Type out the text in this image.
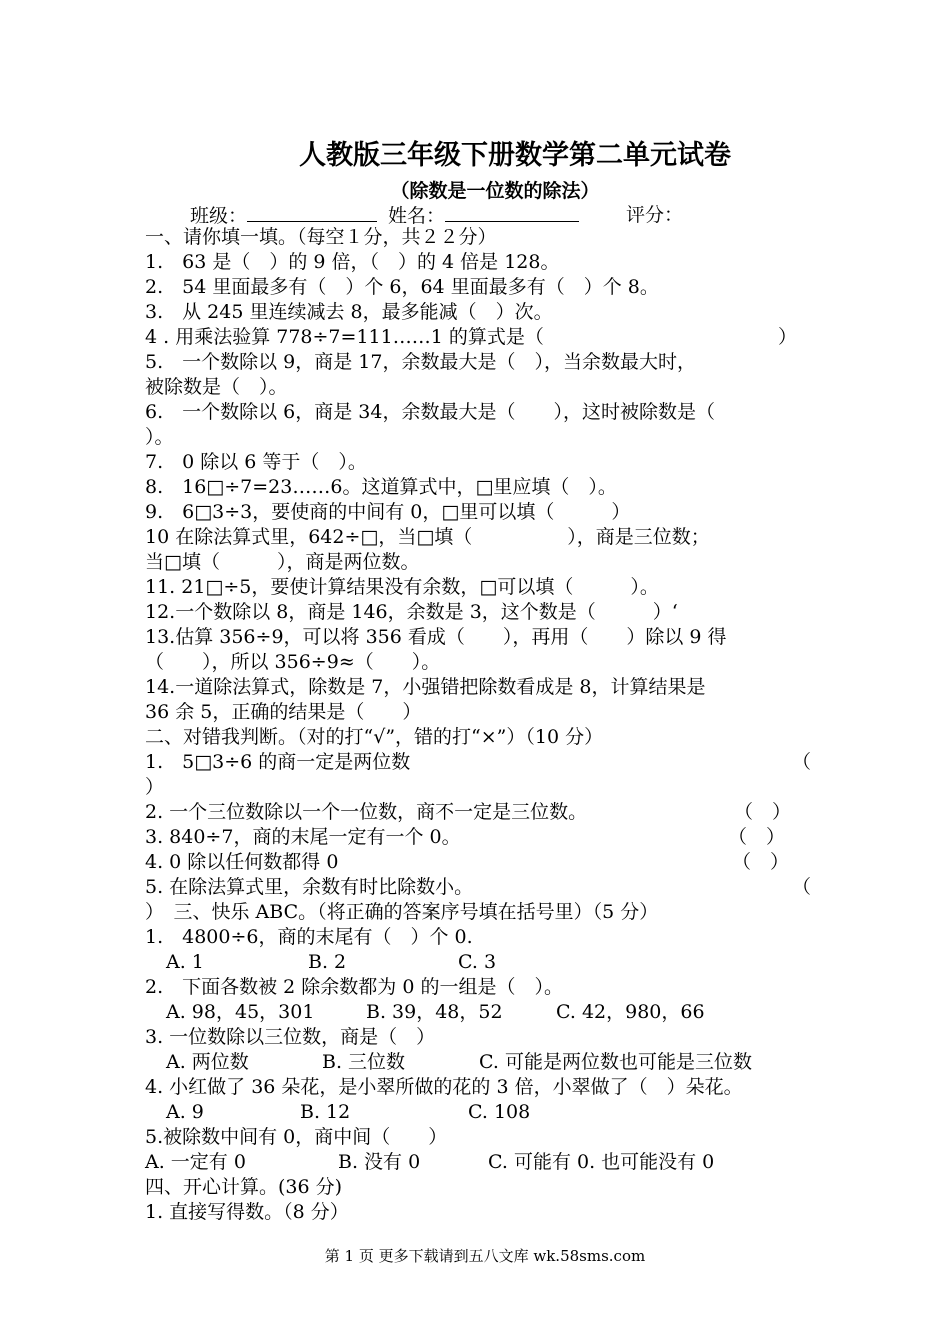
人教版三年级下册数学第二单元试卷
（除数是一位数的除法）
班级：	姓名：	评分：
一、请你填一填。（每空１分，共２２分）
1.　63 是（　）的 9 倍，（　）的 4 倍是 128。
2.　54 里面最多有（　）个 6，64 里面最多有（　）个 8。
3.　从 245 里连续减去 8，最多能减（　）次。
4 . 用乘法验算 778÷7=111……1 的算式是（	）
5.　一个数除以 9，商是 17，余数最大是（　），当余数最大时，
被除数是（　）。
6.　一个数除以 6，商是 34，余数最大是（　　），这时被除数是（
）。
7.　0 除以 6 等于（　）。
8.　16□÷7=23……6。这道算式中，□里应填（　）。
9.　6□3÷3，要使商的中间有 0，□里可以填（　　　）
10 在除法算式里，642÷□，当□填（　　　　　），商是三位数；
当□填（　　　），商是两位数。
11. 21□÷5，要使计算结果没有余数，□可以填（　　　）。
12.一个数除以 8，商是 146，余数是 3，这个数是（　　　）‘
13.估算 356÷9，可以将 356 看成（　　），再用（　　）除以 9 得
（　　），所以 356÷9≈（　　）。
14.一道除法算式，除数是 7，小强错把除数看成是 8，计算结果是
36 余 5，正确的结果是（　　）
二、对错我判断。（对的打“√”，错的打“×”）（10 分）
1.　5□3÷6 的商一定是两位数	（
）
2. 一个三位数除以一个一位数，商不一定是三位数。	（　）
3. 840÷7，商的末尾一定有一个 0。	（　）
4. 0 除以任何数都得 0	（　）
5. 在除法算式里，余数有时比除数小。	（
）　三、快乐 ABC。（将正确的答案序号填在括号里）（5 分）
1.　4800÷6，商的末尾有（　）个 0.
A. 1	B. 2	C. 3
2.　下面各数被 2 除余数都为 0 的一组是（　）。
A. 98，45，301	B. 39，48，52	C. 42，980，66
3. 一位数除以三位数，商是（　）
A. 两位数	B. 三位数	C. 可能是两位数也可能是三位数
4. 小红做了 36 朵花，是小翠所做的花的 3 倍，小翠做了（　）朵花。
A. 9	B. 12	C. 108
5.被除数中间有 0，商中间（　　）
A. 一定有 0	B. 没有 0	C. 可能有 0. 也可能没有 0
四、开心计算。(36 分)
1. 直接写得数。（8 分）
第 1 页 更多下载请到五八文库 wk.58sms.com
